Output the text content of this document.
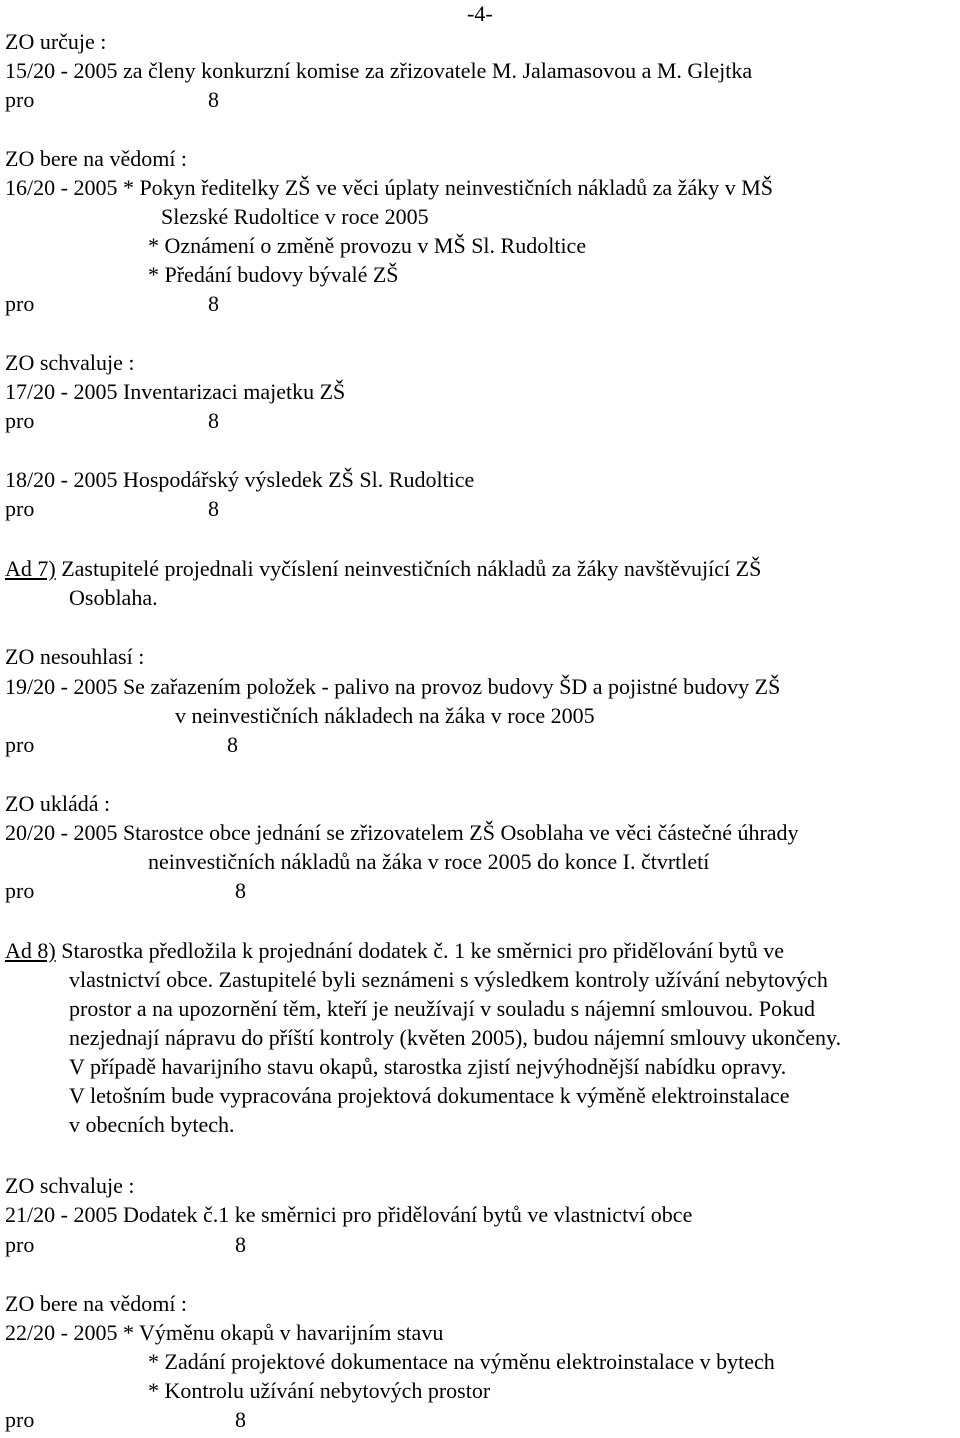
-4-
ZO určuje :
15/20 - 2005 za členy konkurzní komise za zřizovatele M. Jalamasovou a M. Glejtka
pro	8
ZO bere na vědomí :
16/20 - 2005 * Pokyn ředitelky ZŠ ve věci úplaty neinvestičních nákladů za žáky v MŠ
Slezské Rudoltice v roce 2005
* Oznámení o změně provozu v MŠ Sl. Rudoltice
* Předání budovy bývalé ZŠ
pro	8
ZO schvaluje :
17/20 - 2005 Inventarizaci majetku ZŠ
pro	8
18/20 - 2005 Hospodářský výsledek ZŠ Sl. Rudoltice
pro	8
Ad 7) Zastupitelé projednali vyčíslení neinvestičních nákladů za žáky navštěvující ZŠ
Osoblaha.
ZO nesouhlasí :
19/20 - 2005 Se zařazením položek - palivo na provoz budovy ŠD a pojistné budovy ZŠ
v neinvestičních nákladech na žáka v roce 2005
pro	8
ZO ukládá :
20/20 - 2005 Starostce obce jednání se zřizovatelem ZŠ Osoblaha ve věci částečné úhrady
neinvestičních nákladů na žáka v roce 2005 do konce I. čtvrtletí
pro	8
Ad 8) Starostka předložila k projednání dodatek č. 1 ke směrnici pro přidělování bytů ve
vlastnictví obce. Zastupitelé byli seznámeni s výsledkem kontroly užívání nebytových
prostor a na upozornění těm, kteří je neužívají v souladu s nájemní smlouvou. Pokud
nezjednají nápravu do příští kontroly (květen 2005), budou nájemní smlouvy ukončeny.
V případě havarijního stavu okapů, starostka zjistí nejvýhodnější nabídku opravy.
V letošním bude vypracována projektová dokumentace k výměně elektroinstalace
v obecních bytech.
ZO schvaluje :
21/20 - 2005 Dodatek č.1 ke směrnici pro přidělování bytů ve vlastnictví obce
pro	8
ZO bere na vědomí :
22/20 - 2005 * Výměnu okapů v havarijním stavu
* Zadání projektové dokumentace na výměnu elektroinstalace v bytech
* Kontrolu užívání nebytových prostor
pro	8
